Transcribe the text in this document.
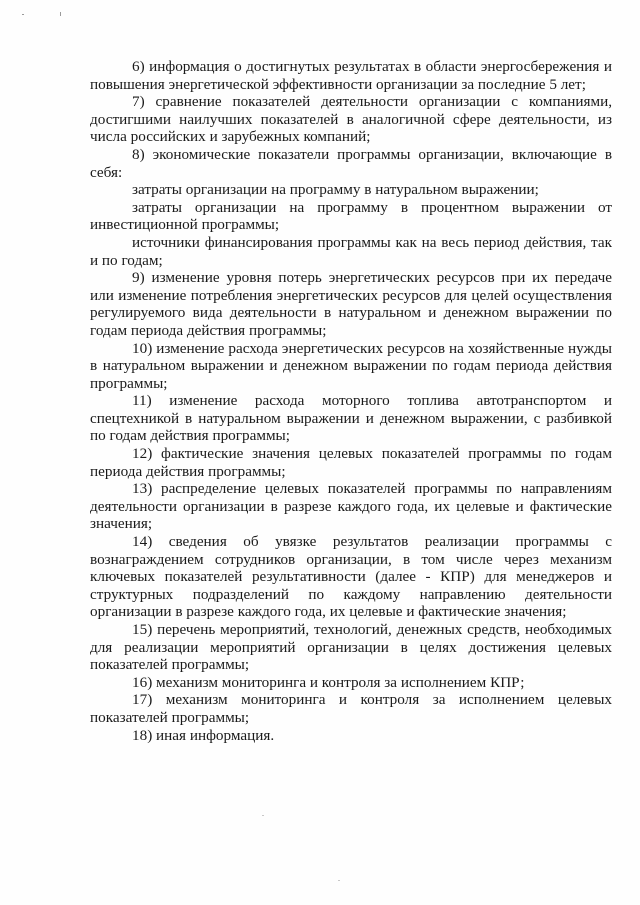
6) информация о достигнутых результатах в области энергосбережения и повышения энергетической эффективности организации за последние 5 лет;

7) сравнение показателей деятельности организации с компаниями, достигшими наилучших показателей в аналогичной сфере деятельности, из числа российских и зарубежных компаний;

8) экономические показатели программы организации, включающие в себя:

затраты организации на программу в натуральном выражении;

затраты организации на программу в процентном выражении от инвестиционной программы;

источники финансирования программы как на весь период действия, так и по годам;

9) изменение уровня потерь энергетических ресурсов при их передаче или изменение потребления энергетических ресурсов для целей осуществления регулируемого вида деятельности в натуральном и денежном выражении по годам периода действия программы;

10) изменение расхода энергетических ресурсов на хозяйственные нужды в натуральном выражении и денежном выражении по годам периода действия программы;

11) изменение расхода моторного топлива автотранспортом и спецтехникой в натуральном выражении и денежном выражении, с разбивкой по годам действия программы;

12) фактические значения целевых показателей программы по годам периода действия программы;

13) распределение целевых показателей программы по направлениям деятельности организации в разрезе каждого года, их целевые и фактические значения;

14) сведения об увязке результатов реализации программы с вознаграждением сотрудников организации, в том числе через механизм ключевых показателей результативности (далее - КПР) для менеджеров и структурных подразделений по каждому направлению деятельности организации в разрезе каждого года, их целевые и фактические значения;

15) перечень мероприятий, технологий, денежных средств, необходимых для реализации мероприятий организации в целях достижения целевых показателей программы;

16) механизм мониторинга и контроля за исполнением КПР;

17) механизм мониторинга и контроля за исполнением целевых показателей программы;

18) иная информация.
